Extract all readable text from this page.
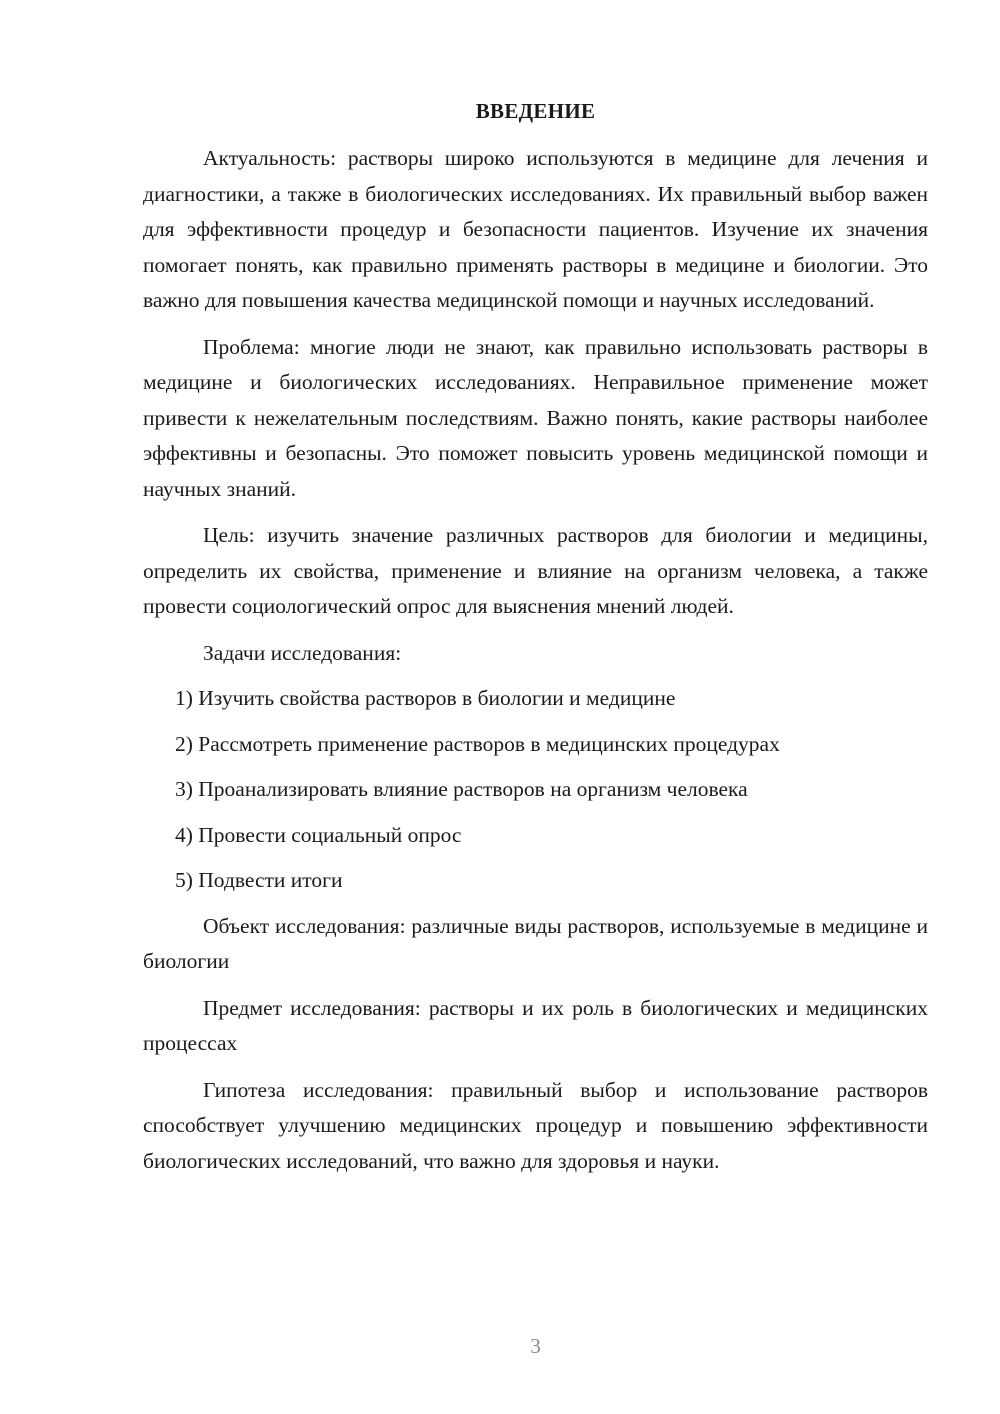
ВВЕДЕНИЕ

Актуальность: растворы широко используются в медицине для лечения и диагностики, а также в биологических исследованиях. Их правильный выбор важен для эффективности процедур и безопасности пациентов. Изучение их значения помогает понять, как правильно применять растворы в медицине и биологии. Это важно для повышения качества медицинской помощи и научных исследований.

Проблема: многие люди не знают, как правильно использовать растворы в медицине и биологических исследованиях. Неправильное применение может привести к нежелательным последствиям. Важно понять, какие растворы наиболее эффективны и безопасны. Это поможет повысить уровень медицинской помощи и научных знаний.

Цель: изучить значение различных растворов для биологии и медицины, определить их свойства, применение и влияние на организм человека, а также провести социологический опрос для выяснения мнений людей.

Задачи исследования:

1) Изучить свойства растворов в биологии и медицине
2) Рассмотреть применение растворов в медицинских процедурах
3) Проанализировать влияние растворов на организм человека
4) Провести социальный опрос
5) Подвести итоги

Объект исследования: различные виды растворов, используемые в медицине и биологии

Предмет исследования: растворы и их роль в биологических и медицинских процессах

Гипотеза исследования: правильный выбор и использование растворов способствует улучшению медицинских процедур и повышению эффективности биологических исследований, что важно для здоровья и науки.

3
